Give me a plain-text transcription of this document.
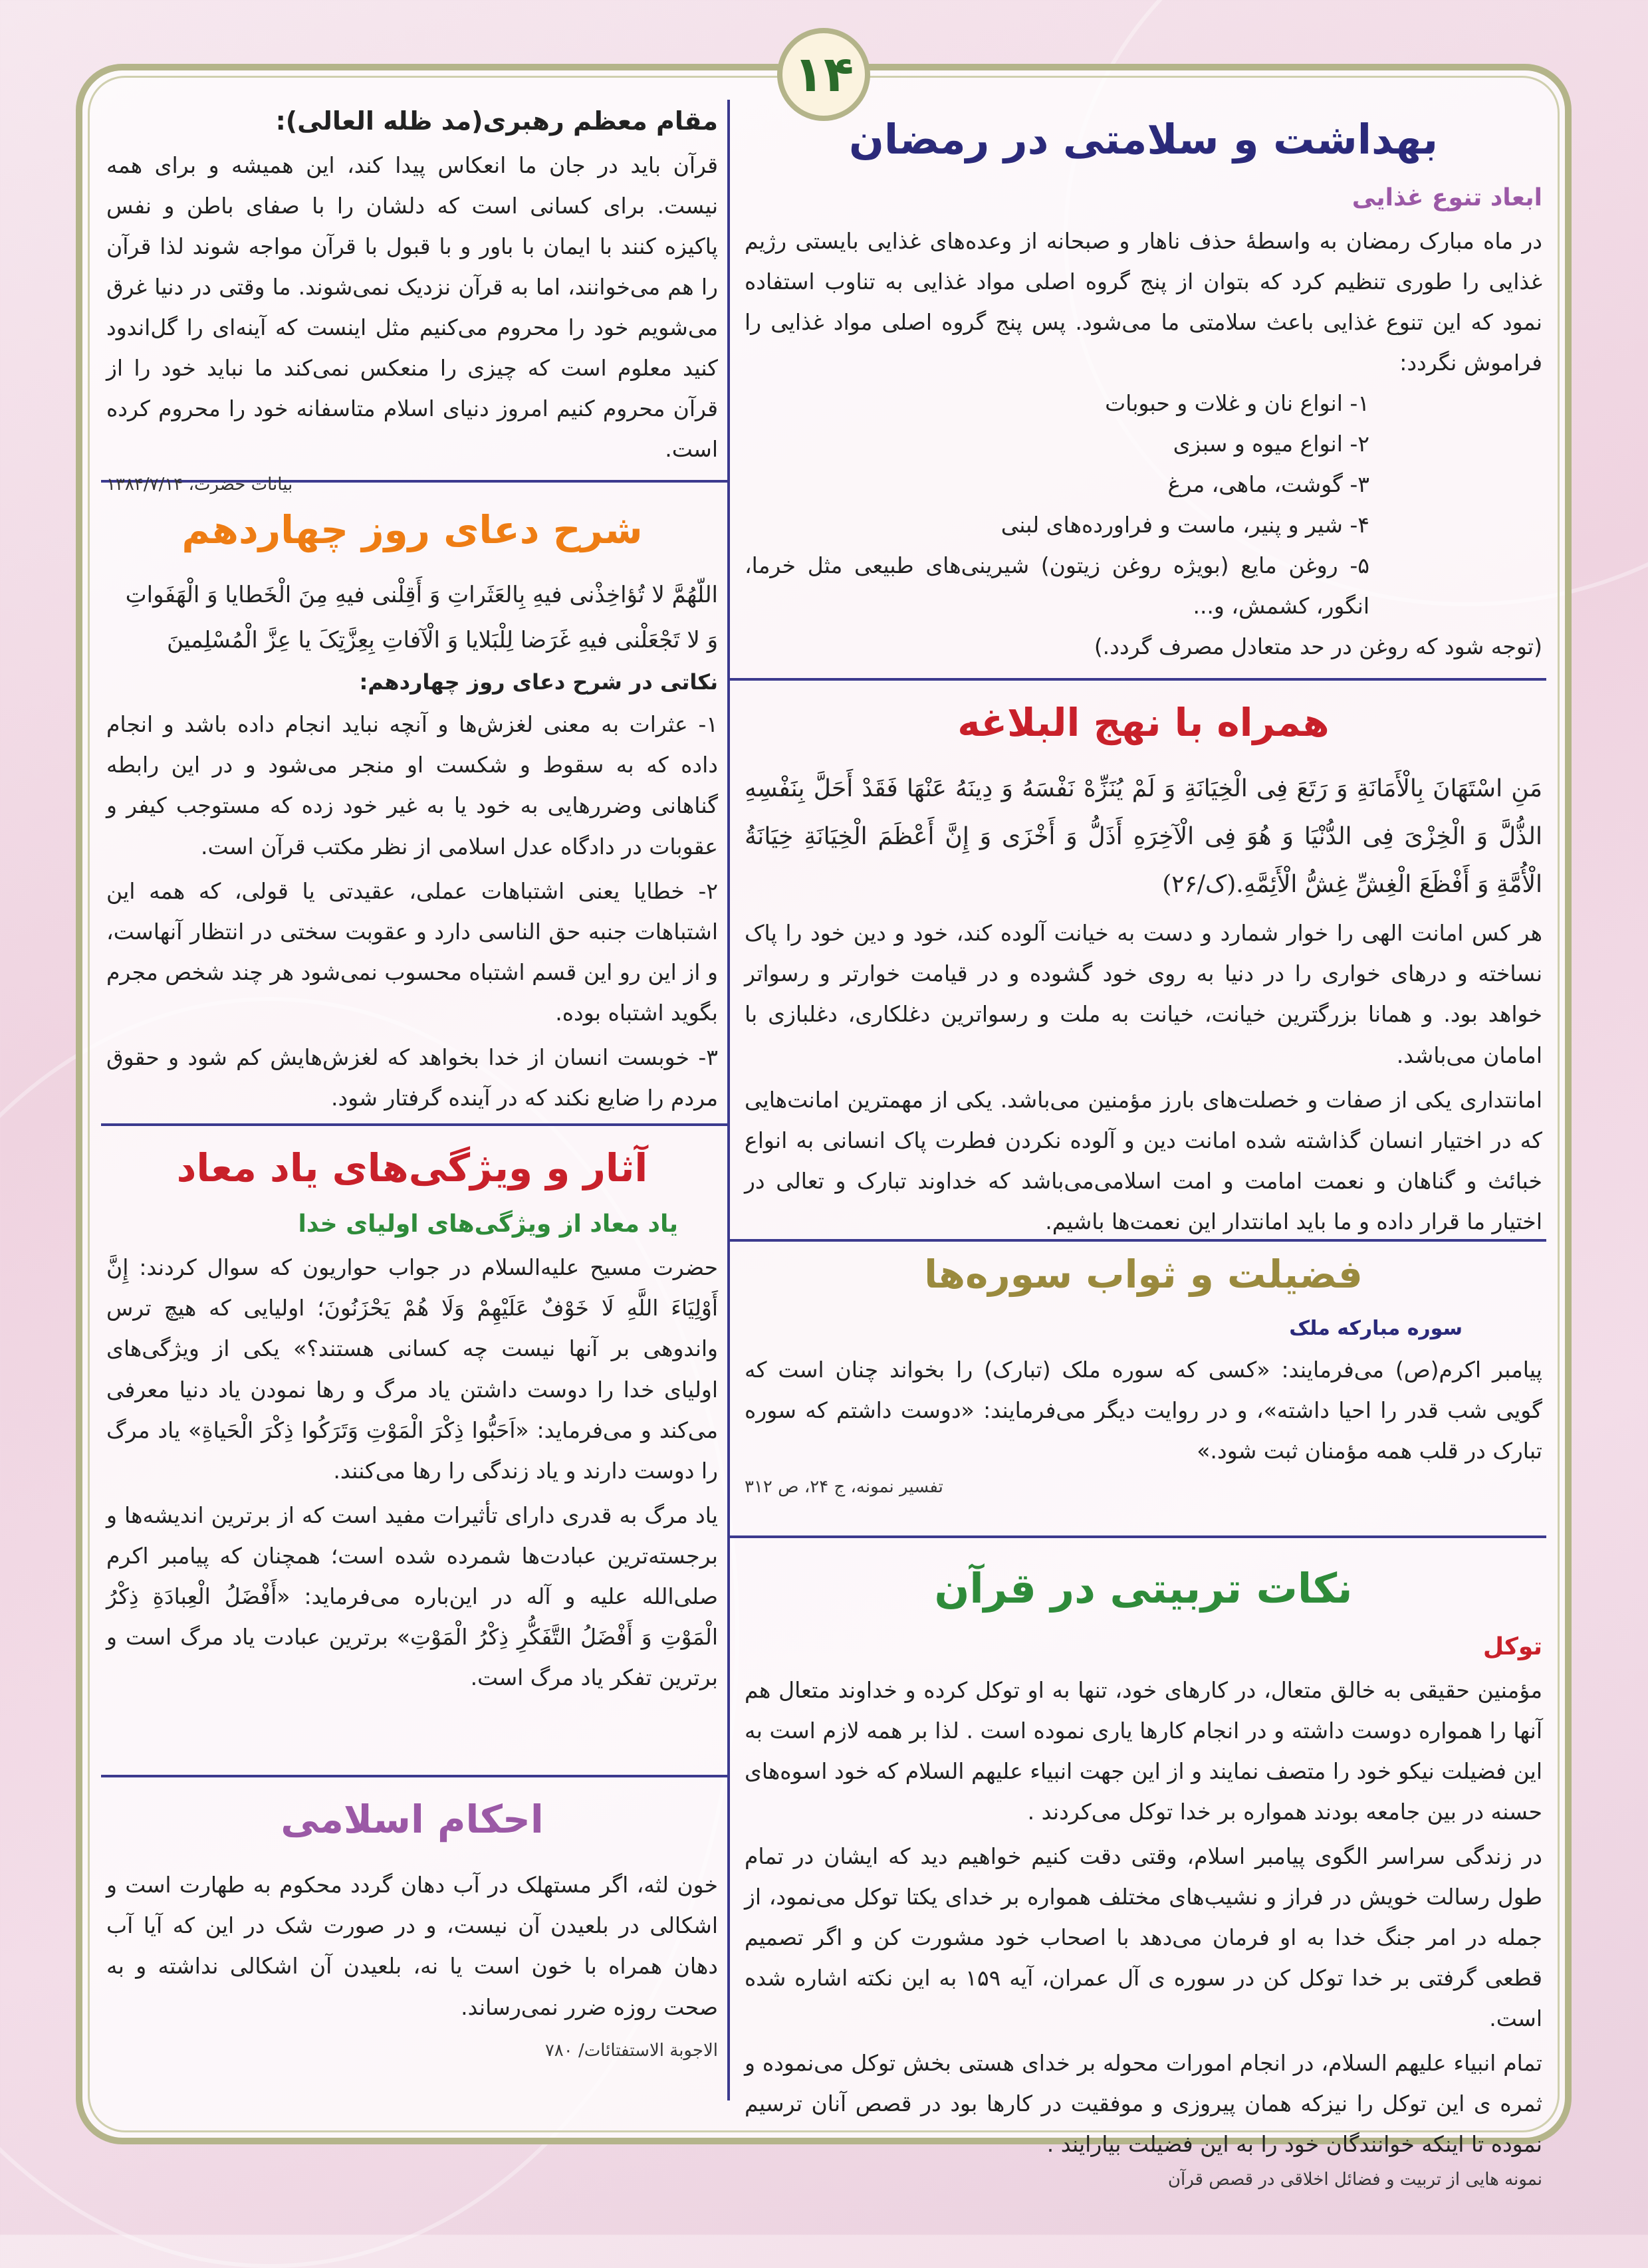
۱۴
بهداشت و سلامتی در رمضان
ابعاد تنوع غذایی

در ماه مبارک رمضان به واسطهٔ حذف ناهار و صبحانه از وعده‌های غذایی بایستی رژیم غذایی را طوری تنظیم کرد که بتوان از پنج گروه اصلی مواد غذایی به تناوب استفاده نمود که این تنوع غذایی باعث سلامتی ما می‌شود. پس پنج گروه اصلی مواد غذایی را فراموش نگردد:

۱- انواع نان و غلات و حبوبات
۲- انواع میوه و سبزی
۳- گوشت، ماهی، مرغ
۴- شیر و پنیر، ماست و فراورده‌های لبنی
۵- روغن مایع (بویژه روغن زیتون) شیرینی‌های طبیعی مثل خرما، انگور، کشمش، و...

(توجه شود که روغن در حد متعادل مصرف گردد.)

همراه با نهج البلاغه

مَنِ اسْتَهَانَ بِالْأَمَانَةِ وَ رَتَعَ فِی الْخِیَانَةِ وَ لَمْ یُنَزِّهْ نَفْسَهُ وَ دِینَهُ عَنْهَا فَقَدْ أَحَلَّ بِنَفْسِهِ الذُّلَّ وَ الْخِزْیَ فِی الدُّنْیَا وَ هُوَ فِی الْآخِرَهِ أَذَلُّ وَ أَخْزَی وَ إِنَّ أَعْظَمَ الْخِیَانَةِ خِیَانَةُ الْأُمَّةِ وَ أَفْظَعَ الْغِشِّ غِشُّ الْأَئِمَّهِ.(ک/۲۶)

هر کس امانت الهی را خوار شمارد و دست به خیانت آلوده کند، خود و دین خود را پاک نساخته و درهای خواری را در دنیا به روی خود گشوده و در قیامت خوارتر و رسواتر خواهد بود. و همانا بزرگترین خیانت، خیانت به ملت و رسواترین دغلکاری، دغلبازی با امامان می‌باشد.

امانتداری یکی از صفات و خصلت‌های بارز مؤمنین می‌باشد. یکی از مهمترین امانت‌هایی که در اختیار انسان گذاشته شده امانت دین و آلوده نکردن فطرت پاک انسانی به انواع خبائث و گناهان و نعمت امامت و امت اسلامی‌می‌باشد که خداوند تبارک و تعالی در اختیار ما قرار داده و ما باید امانتدار این نعمت‌ها باشیم.

فضیلت و ثواب سوره‌ها
سوره مبارکه ملک

پیامبر اکرم(ص) می‌فرمایند: «کسی که سوره ملک (تبارک) را بخواند چنان است که گویی شب قدر را احیا داشته»، و در روایت دیگر می‌فرمایند: «دوست داشتم که سوره تبارک در قلب همه مؤمنان ثبت شود.»

تفسیر نمونه، ج ۲۴، ص ۳۱۲
نکات تربیتی در قرآن
توکل

مؤمنین حقیقی به خالق متعال، در کارهای خود، تنها به او توکل کرده و خداوند متعال هم آنها را همواره دوست داشته و در انجام کارها یاری نموده است . لذا بر همه لازم است به این فضیلت نیکو خود را متصف نمایند و از این جهت انبیاء علیهم السلام که خود اسوه‌های حسنه در بین جامعه بودند همواره بر خدا توکل می‌کردند .

در زندگی سراسر الگوی پیامبر اسلام، وقتی دقت کنیم خواهیم دید که ایشان در تمام طول رسالت خویش در فراز و نشیب‌های مختلف همواره بر خدای یکتا توکل می‌نمود، از جمله در امر جنگ خدا به او فرمان می‌دهد با اصحاب خود مشورت کن و اگر تصمیم قطعی گرفتی بر خدا توکل کن در سوره ی آل عمران، آیه ۱۵۹ به این نکته اشاره شده است.

تمام انبیاء علیهم السلام، در انجام امورات محوله بر خدای هستی بخش توکل می‌نموده و ثمره ی این توکل را نیزکه همان پیروزی و موفقیت در کارها بود در قصص آنان ترسیم نموده تا اینکه خوانندگان خود را به این فضیلت بیارایند .

نمونه هایی از تربیت و فضائل اخلاقی در قصص قرآن
مقام معظم رهبری(مد ظله العالی):

قرآن باید در جان ما انعکاس پیدا کند، این همیشه و برای همه نیست. برای کسانی است که دلشان را با صفای باطن و نفس پاکیزه کنند با ایمان با باور و با قبول با قرآن مواجه شوند لذا قرآن را هم می‌خوانند، اما به قرآن نزدیک نمی‌شوند. ما وقتی در دنیا غرق می‌شویم خود را محروم می‌کنیم مثل اینست که آینه‌ای را گل‌اندود کنید معلوم است که چیزی را منعکس نمی‌کند ما نباید خود را از قرآن محروم کنیم امروز دنیای اسلام متاسفانه خود را محروم کرده است.

بیانات حضرت، ۱۳۸۴/۷/۱۴
شرح دعای روز چهاردهم

اللّهُمَّ لا تُؤاخِذْنی فیهِ بِالعَثَراتِ وَ أَقِلْنی فیهِ مِنَ الْخَطایا وَ الْهَفَواتِ

وَ لا تَجْعَلْنی فیهِ غَرَضا لِلْبَلایا وَ الْآفاتِ بِعِزَّتِکَ یا عِزَّ الْمُسْلِمینَ

نکاتی در شرح دعای روز چهاردهم:

۱- عثرات به معنی لغزش‌ها و آنچه نباید انجام داده باشد و انجام داده که به سقوط و شکست او منجر می‌شود و در این رابطه گناهانی وضررهایی به خود یا به غیر خود زده که مستوجب کیفر و عقوبات در دادگاه عدل اسلامی از نظر مکتب قرآن است.

۲- خطایا یعنی اشتباهات عملی، عقیدتی یا قولی، که همه این اشتباهات جنبه حق الناسی دارد و عقوبت سختی در انتظار آنهاست، و از این رو این قسم اشتباه محسوب نمی‌شود هر چند شخص مجرم بگوید اشتباه بوده.

۳- خوبست انسان از خدا بخواهد که لغزش‌هایش کم شود و حقوق مردم را ضایع نکند که در آینده گرفتار شود.

آثار و ویژگی‌های یاد معاد
یاد معاد از ویژگی‌های اولیای خدا

حضرت مسیح علیه‌السلام در جواب حواریون که سوال کردند: إِنَّ أَوْلِیَاءَ اللَّهِ لَا خَوْفٌ عَلَیْهِمْ وَلَا هُمْ یَحْزَنُونَ؛ اولیایی که هیچ ترس واندوهی بر آنها نیست چه کسانی هستند؟» یکی از ویژگی‌های اولیای خدا را دوست داشتن یاد مرگ و رها نمودن یاد دنیا معرفی می‌کند و می‌فرماید: «اَحَبُّوا ذِکْرَ الْمَوْتِ وَتَرَکُوا ذِکْرَ الْحَیاةِ» یاد مرگ را دوست دارند و یاد زندگی را رها می‌کنند.

یاد مرگ به قدری دارای تأثیرات مفید است که از برترین اندیشه‌ها و برجسته‌ترین عبادت‌ها شمرده شده است؛ همچنان که پیامبر اکرم صلی‌الله علیه و آله در این‌باره می‌فرماید: «أَفْضَلُ الْعِبادَةِ ذِکْرُ الْمَوْتِ وَ أَفْضَلُ التَّفَکُّرِ ذِکْرُ الْمَوْتِ» برترین عبادت یاد مرگ است و برترین تفکر یاد مرگ است.

احکام اسلامی

خون لثه، اگر مستهلک در آب دهان گردد محکوم به طهارت است و اشکالی در بلعیدن آن نیست، و در صورت شک در این که آیا آب دهان همراه با خون است یا نه، بلعیدن آن اشکالی نداشته و به صحت روزه ضرر نمی‌رساند.

الاجوبة الاستفتائات/ ۷۸۰
